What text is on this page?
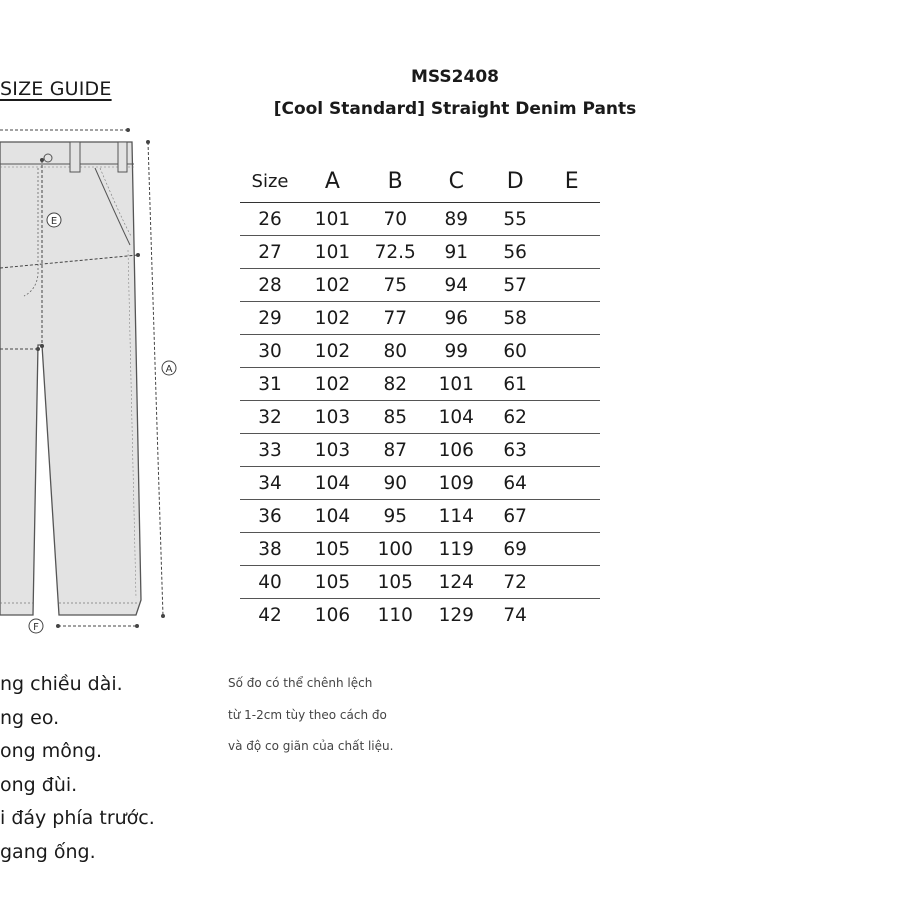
SIZE GUIDE
MSS2408
[Cool Standard] Straight Denim Pants
E
A
F
Size	A	B	C	D	E
26	101	70	89	55	
27	101	72.5	91	56	
28	102	75	94	57	
29	102	77	96	58	
30	102	80	99	60	
31	102	82	101	61	
32	103	85	104	62	
33	103	87	106	63	
34	104	90	109	64	
36	104	95	114	67	
38	105	100	119	69	
40	105	105	124	72	
42	106	110	129	74	
ng chiều dài.
ng eo.
ong mông.
ong đùi.
i đáy phía trước.
gang ống.
Số đo có thể chênh lệch
từ 1-2cm tùy theo cách đo
và độ co giãn của chất liệu.
